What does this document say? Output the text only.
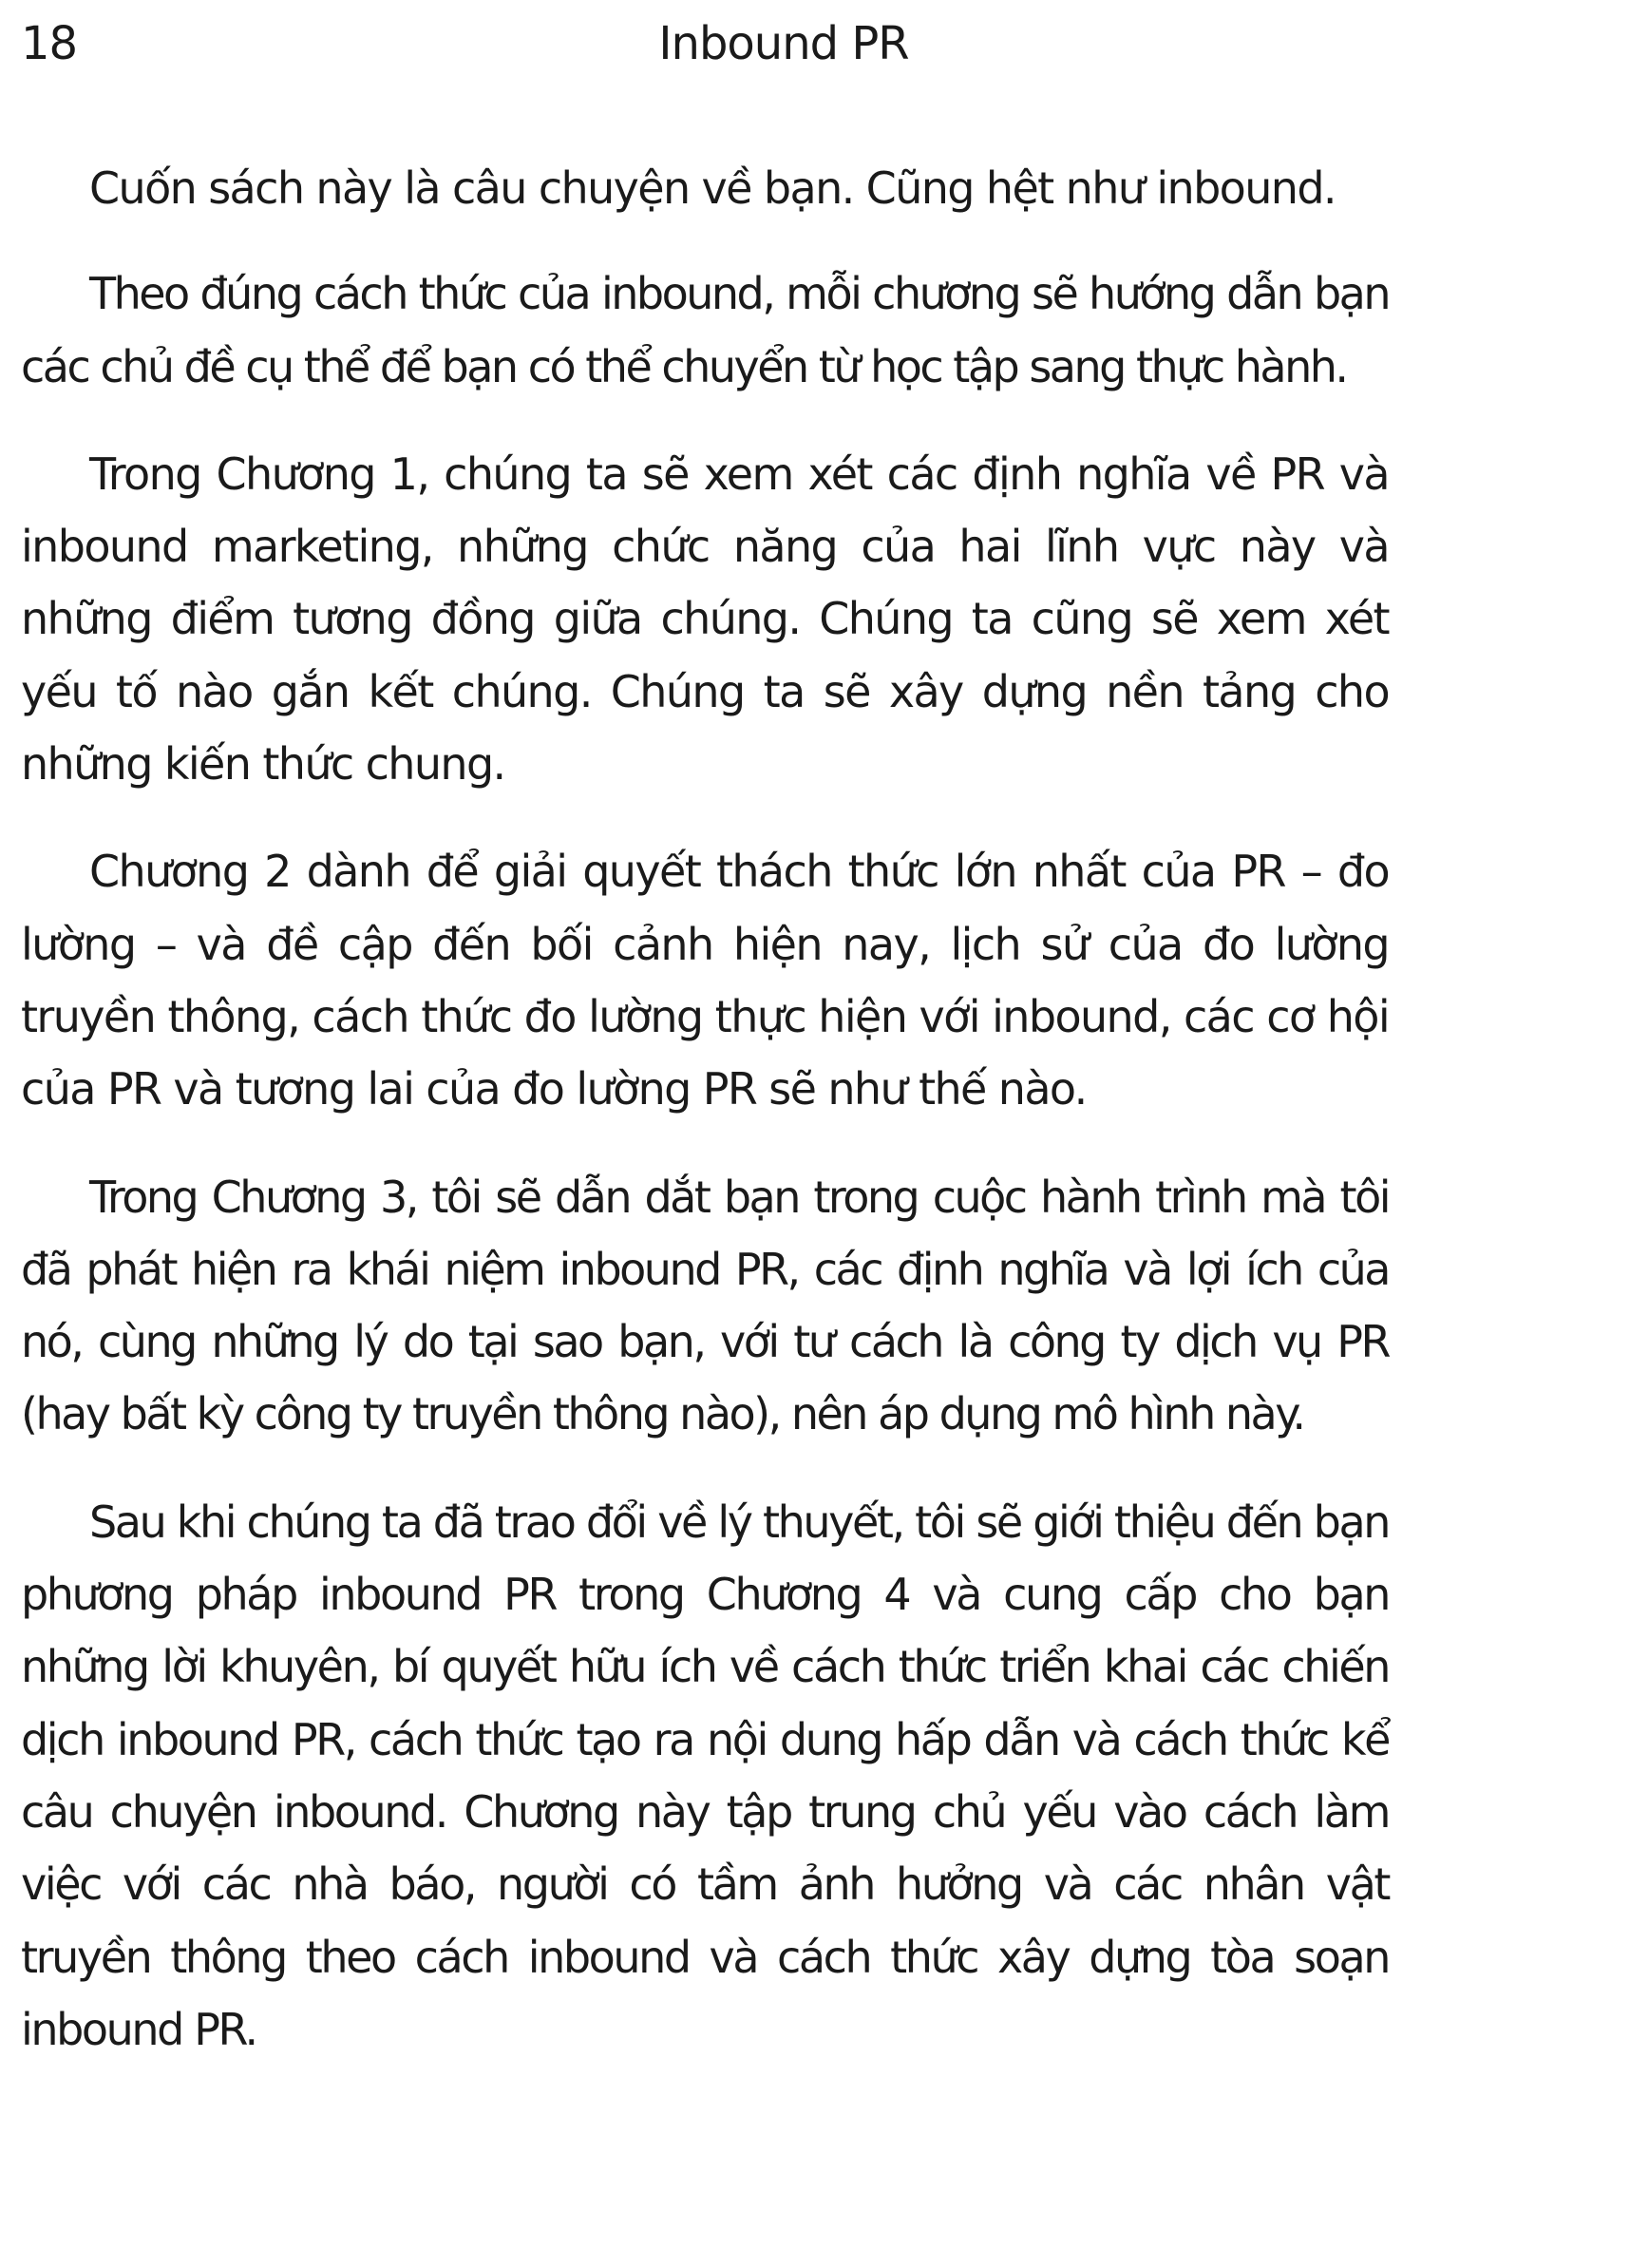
18	Inbound PR

Cuốn sách này là câu chuyện về bạn. Cũng hệt như inbound.

Theo đúng cách thức của inbound, mỗi chương sẽ hướng dẫn bạn các chủ đề cụ thể để bạn có thể chuyển từ học tập sang thực hành.

Trong Chương 1, chúng ta sẽ xem xét các định nghĩa về PR và inbound marketing, những chức năng của hai lĩnh vực này và những điểm tương đồng giữa chúng. Chúng ta cũng sẽ xem xét yếu tố nào gắn kết chúng. Chúng ta sẽ xây dựng nền tảng cho những kiến thức chung.

Chương 2 dành để giải quyết thách thức lớn nhất của PR – đo lường – và đề cập đến bối cảnh hiện nay, lịch sử của đo lường truyền thông, cách thức đo lường thực hiện với inbound, các cơ hội của PR và tương lai của đo lường PR sẽ như thế nào.

Trong Chương 3, tôi sẽ dẫn dắt bạn trong cuộc hành trình mà tôi đã phát hiện ra khái niệm inbound PR, các định nghĩa và lợi ích của nó, cùng những lý do tại sao bạn, với tư cách là công ty dịch vụ PR (hay bất kỳ công ty truyền thông nào), nên áp dụng mô hình này.

Sau khi chúng ta đã trao đổi về lý thuyết, tôi sẽ giới thiệu đến bạn phương pháp inbound PR trong Chương 4 và cung cấp cho bạn những lời khuyên, bí quyết hữu ích về cách thức triển khai các chiến dịch inbound PR, cách thức tạo ra nội dung hấp dẫn và cách thức kể câu chuyện inbound. Chương này tập trung chủ yếu vào cách làm việc với các nhà báo, người có tầm ảnh hưởng và các nhân vật truyền thông theo cách inbound và cách thức xây dựng tòa soạn inbound PR.
